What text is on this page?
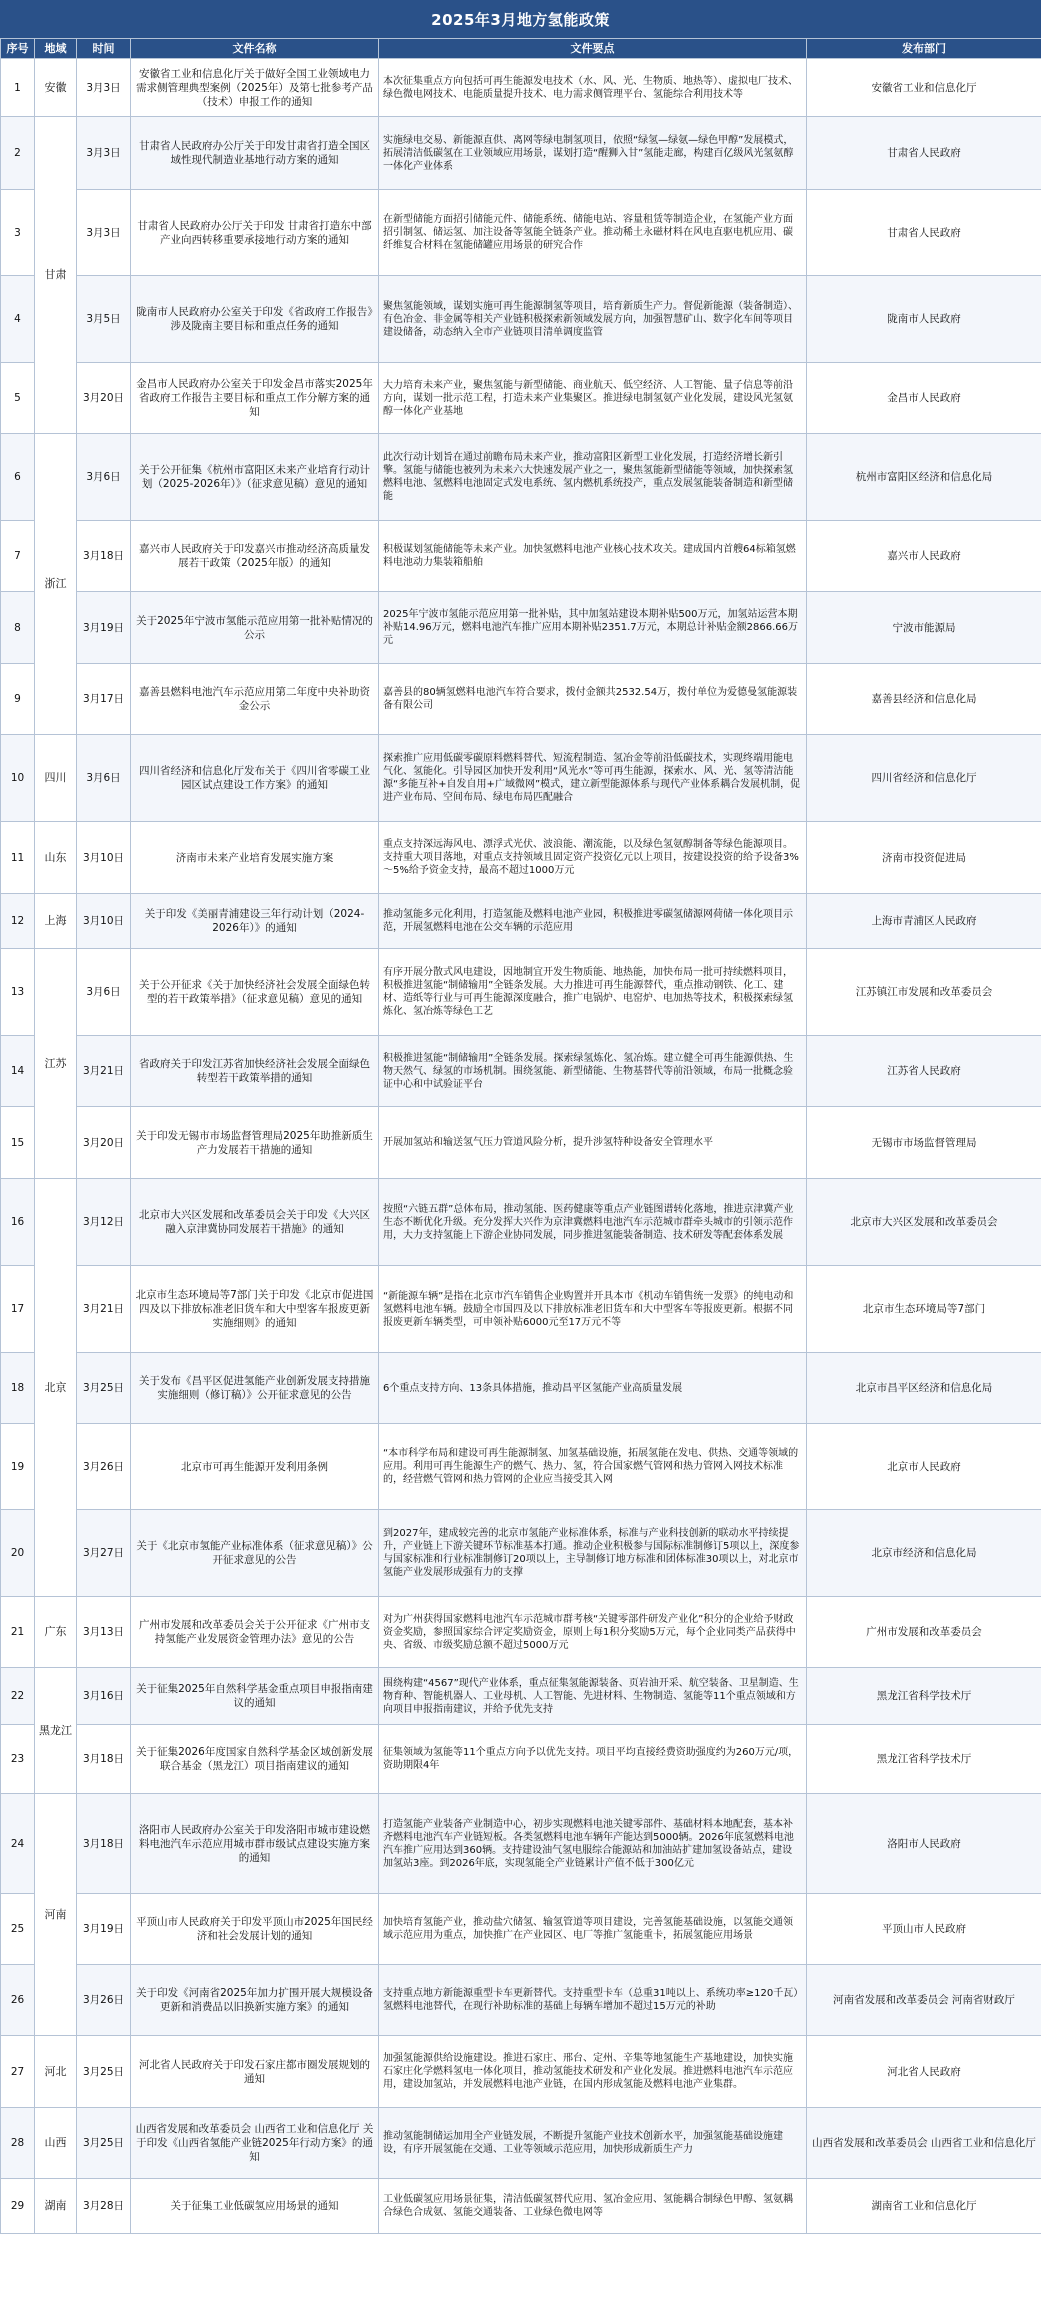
2025年3月地方氢能政策
序号	地域	时间	文件名称	文件要点	发布部门
1	安徽	3月3日	安徽省工业和信息化厅关于做好全国工业领域电力需求侧管理典型案例（2025年）及第七批参考产品（技术）申报工作的通知	本次征集重点方向包括可再生能源发电技术（水、风、光、生物质、地热等）、虚拟电厂技术、绿色微电网技术、电能质量提升技术、电力需求侧管理平台、氢能综合利用技术等	安徽省工业和信息化厅
2	甘肃	3月3日	甘肃省人民政府办公厅关于印发甘肃省打造全国区域性现代制造业基地行动方案的通知	实施绿电交易、新能源直供、离网等绿电制氢项目，依照“绿氢—绿氨—绿色甲醇”发展模式，拓展清洁低碳氢在工业领域应用场景，谋划打造“醒狮入甘”氢能走廊，构建百亿级风光氢氨醇一体化产业体系	甘肃省人民政府
3		3月3日	甘肃省人民政府办公厅关于印发 甘肃省打造东中部产业向西转移重要承接地行动方案的通知	在新型储能方面招引储能元件、储能系统、储能电站、容量租赁等制造企业，在氢能产业方面招引制氢、储运氢、加注设备等氢能全链条产业。推动稀土永磁材料在风电直驱电机应用、碳纤维复合材料在氢能储罐应用场景的研究合作	甘肃省人民政府
4		3月5日	陇南市人民政府办公室关于印发《省政府工作报告》涉及陇南主要目标和重点任务的通知	聚焦氢能领域，谋划实施可再生能源制氢等项目，培育新质生产力。督促新能源（装备制造）、有色冶金、非金属等相关产业链积极探索新领域发展方向，加强智慧矿山、数字化车间等项目建设储备，动态纳入全市产业链项目清单调度监管	陇南市人民政府
5		3月20日	金昌市人民政府办公室关于印发金昌市落实2025年省政府工作报告主要目标和重点工作分解方案的通知	大力培育未来产业，聚焦氢能与新型储能、商业航天、低空经济、人工智能、量子信息等前沿方向，谋划一批示范工程，打造未来产业集聚区。推进绿电制氢氨产业化发展，建设风光氢氨醇一体化产业基地	金昌市人民政府
6	浙江	3月6日	关于公开征集《杭州市富阳区未来产业培育行动计划（2025-2026年）》（征求意见稿）意见的通知	此次行动计划旨在通过前瞻布局未来产业，推动富阳区新型工业化发展，打造经济增长新引擎。氢能与储能也被列为未来六大快速发展产业之一，聚焦氢能新型储能等领域，加快探索氢燃料电池、氢燃料电池固定式发电系统、氢内燃机系统投产，重点发展氢能装备制造和新型储能	杭州市富阳区经济和信息化局
7		3月18日	嘉兴市人民政府关于印发嘉兴市推动经济高质量发展若干政策（2025年版）的通知	积极谋划氢能储能等未来产业。加快氢燃料电池产业核心技术攻关。建成国内首艘64标箱氢燃料电池动力集装箱船舶	嘉兴市人民政府
8		3月19日	关于2025年宁波市氢能示范应用第一批补贴情况的公示	2025年宁波市氢能示范应用第一批补贴，其中加氢站建设本期补贴500万元，加氢站运营本期补贴14.96万元，燃料电池汽车推广应用本期补贴2351.7万元，本期总计补贴金额2866.66万元	宁波市能源局
9		3月17日	嘉善县燃料电池汽车示范应用第二年度中央补助资金公示	嘉善县的80辆氢燃料电池汽车符合要求，拨付金额共2532.54万，拨付单位为爱德曼氢能源装备有限公司	嘉善县经济和信息化局
10	四川	3月6日	四川省经济和信息化厅发布关于《四川省零碳工业园区试点建设工作方案》的通知	探索推广应用低碳零碳原料燃料替代、短流程制造、氢冶金等前沿低碳技术，实现终端用能电气化、氢能化。引导园区加快开发利用“风光水”等可再生能源，探索水、风、光、氢等清洁能源“多能互补+自发自用+广域微网”模式，建立新型能源体系与现代产业体系耦合发展机制，促进产业布局、空间布局、绿电布局匹配融合	四川省经济和信息化厅
11	山东	3月10日	济南市未来产业培育发展实施方案	重点支持深远海风电、漂浮式光伏、波浪能、潮流能，以及绿色氢氨醇制备等绿色能源项目。支持重大项目落地，对重点支持领域且固定资产投资亿元以上项目，按建设投资的给予设备3%～5%给予资金支持，最高不超过1000万元	济南市投资促进局
12	上海	3月10日	关于印发《美丽青浦建设三年行动计划（2024-2026年）》的通知	推动氢能多元化利用，打造氢能及燃料电池产业园，积极推进零碳氢储源网荷储一体化项目示范，开展氢燃料电池在公交车辆的示范应用	上海市青浦区人民政府
13	江苏	3月6日	关于公开征求《关于加快经济社会发展全面绿色转型的若干政策举措》（征求意见稿）意见的通知	有序开展分散式风电建设，因地制宜开发生物质能、地热能，加快布局一批可持续燃料项目，积极推进氢能“制储输用”全链条发展。大力推进可再生能源替代，重点推动钢铁、化工、建材、造纸等行业与可再生能源深度融合，推广电锅炉、电窑炉、电加热等技术，积极探索绿氢炼化、氢冶炼等绿色工艺	江苏镇江市发展和改革委员会
14		3月21日	省政府关于印发江苏省加快经济社会发展全面绿色转型若干政策举措的通知	积极推进氢能“制储输用”全链条发展。探索绿氢炼化、氢冶炼。建立健全可再生能源供热、生物天然气、绿氢的市场机制。围绕氢能、新型储能、生物基替代等前沿领域，布局一批概念验证中心和中试验证平台	江苏省人民政府
15		3月20日	关于印发无锡市市场监督管理局2025年助推新质生产力发展若干措施的通知	开展加氢站和输送氢气压力管道风险分析，提升涉氢特种设备安全管理水平	无锡市市场监督管理局
16	北京	3月12日	北京市大兴区发展和改革委员会关于印发《大兴区融入京津冀协同发展若干措施》的通知	按照“六链五群”总体布局，推动氢能、医药健康等重点产业链图谱转化落地，推进京津冀产业生态不断优化升级。充分发挥大兴作为京津冀燃料电池汽车示范城市群牵头城市的引领示范作用，大力支持氢能上下游企业协同发展，同步推进氢能装备制造、技术研发等配套体系发展	北京市大兴区发展和改革委员会
17		3月21日	北京市生态环境局等7部门关于印发《北京市促进国四及以下排放标准老旧货车和大中型客车报废更新实施细则》的通知	“新能源车辆”是指在北京市汽车销售企业购置并开具本市《机动车销售统一发票》的纯电动和氢燃料电池车辆。鼓励全市国四及以下排放标准老旧货车和大中型客车等报废更新。根据不同报废更新车辆类型，可申领补贴6000元至17万元不等	北京市生态环境局等7部门
18		3月25日	关于发布《昌平区促进氢能产业创新发展支持措施实施细则（修订稿）》公开征求意见的公告	6个重点支持方向、13条具体措施，推动昌平区氢能产业高质量发展	北京市昌平区经济和信息化局
19		3月26日	北京市可再生能源开发利用条例	“本市科学布局和建设可再生能源制氢、加氢基础设施，拓展氢能在发电、供热、交通等领域的应用。利用可再生能源生产的燃气、热力、氢，符合国家燃气管网和热力管网入网技术标准的，经营燃气管网和热力管网的企业应当接受其入网	北京市人民政府
20		3月27日	关于《北京市氢能产业标准体系（征求意见稿）》公开征求意见的公告	到2027年，建成较完善的北京市氢能产业标准体系，标准与产业科技创新的联动水平持续提升，产业链上下游关键环节标准基本打通。推动企业积极参与国际标准制修订5项以上，深度参与国家标准和行业标准制修订20项以上，主导制修订地方标准和团体标准30项以上，对北京市氢能产业发展形成强有力的支撑	北京市经济和信息化局
21	广东	3月13日	广州市发展和改革委员会关于公开征求《广州市支持氢能产业发展资金管理办法》意见的公告	对为广州获得国家燃料电池汽车示范城市群考核“关键零部件研发产业化”积分的企业给予财政资金奖励，参照国家综合评定奖励资金，原则上每1积分奖励5万元，每个企业同类产品获得中央、省级、市级奖励总额不超过5000万元	广州市发展和改革委员会
22	黑龙江	3月16日	关于征集2025年自然科学基金重点项目申报指南建议的通知	围绕构建“4567”现代产业体系，重点征集氢能源装备、页岩油开采、航空装备、卫星制造、生物育种、智能机器人、工业母机、人工智能、先进材料、生物制造、氢能等11个重点领域和方向项目申报指南建议，并给予优先支持	黑龙江省科学技术厅
23		3月18日	关于征集2026年度国家自然科学基金区域创新发展联合基金（黑龙江）项目指南建议的通知	征集领域为氢能等11个重点方向予以优先支持。项目平均直接经费资助强度约为260万元/项，资助期限4年	黑龙江省科学技术厅
24	河南	3月18日	洛阳市人民政府办公室关于印发洛阳市城市建设燃料电池汽车示范应用城市群市级试点建设实施方案的通知	打造氢能产业装备产业制造中心，初步实现燃料电池关键零部件、基础材料本地配套，基本补齐燃料电池汽车产业链短板。各类氢燃料电池车辆年产能达到5000辆。2026年底氢燃料电池汽车推广应用达到360辆。支持建设油气氢电服综合能源站和加油站扩建加氢设备站点，建设加氢站3座。到2026年底，实现氢能全产业链累计产值不低于300亿元	洛阳市人民政府
25		3月19日	平顶山市人民政府关于印发平顶山市2025年国民经济和社会发展计划的通知	加快培育氢能产业，推动盐穴储氢、输氢管道等项目建设，完善氢能基础设施，以氢能交通领域示范应用为重点，加快推广在产业园区、电厂等推广氢能重卡，拓展氢能应用场景	平顶山市人民政府
26		3月26日	关于印发《河南省2025年加力扩围开展大规模设备更新和消费品以旧换新实施方案》的通知	支持重点地方新能源重型卡车更新替代。支持重型卡车（总重31吨以上、系统功率≥120千瓦）氢燃料电池替代，在现行补助标准的基础上每辆车增加不超过15万元的补助	河南省发展和改革委员会 河南省财政厅
27	河北	3月25日	河北省人民政府关于印发石家庄都市圈发展规划的通知	加强氢能源供给设施建设。推进石家庄、邢台、定州、辛集等地氢能生产基地建设，加快实施石家庄化学燃料氢电一体化项目，推动氢能技术研发和产业化发展。推进燃料电池汽车示范应用，建设加氢站，并发展燃料电池产业链，在国内形成氢能及燃料电池产业集群。	河北省人民政府
28	山西	3月25日	山西省发展和改革委员会 山西省工业和信息化厅 关于印发《山西省氢能产业链2025年行动方案》的通知	推动氢能制储运加用全产业链发展，不断提升氢能产业技术创新水平，加强氢能基础设施建设，有序开展氢能在交通、工业等领域示范应用，加快形成新质生产力	山西省发展和改革委员会 山西省工业和信息化厅
29	湖南	3月28日	关于征集工业低碳氢应用场景的通知	工业低碳氢应用场景征集，清洁低碳氢替代应用、氢冶金应用、氢能耦合制绿色甲醇、氢氨耦合绿色合成氨、氢能交通装备、工业绿色微电网等	湖南省工业和信息化厅
